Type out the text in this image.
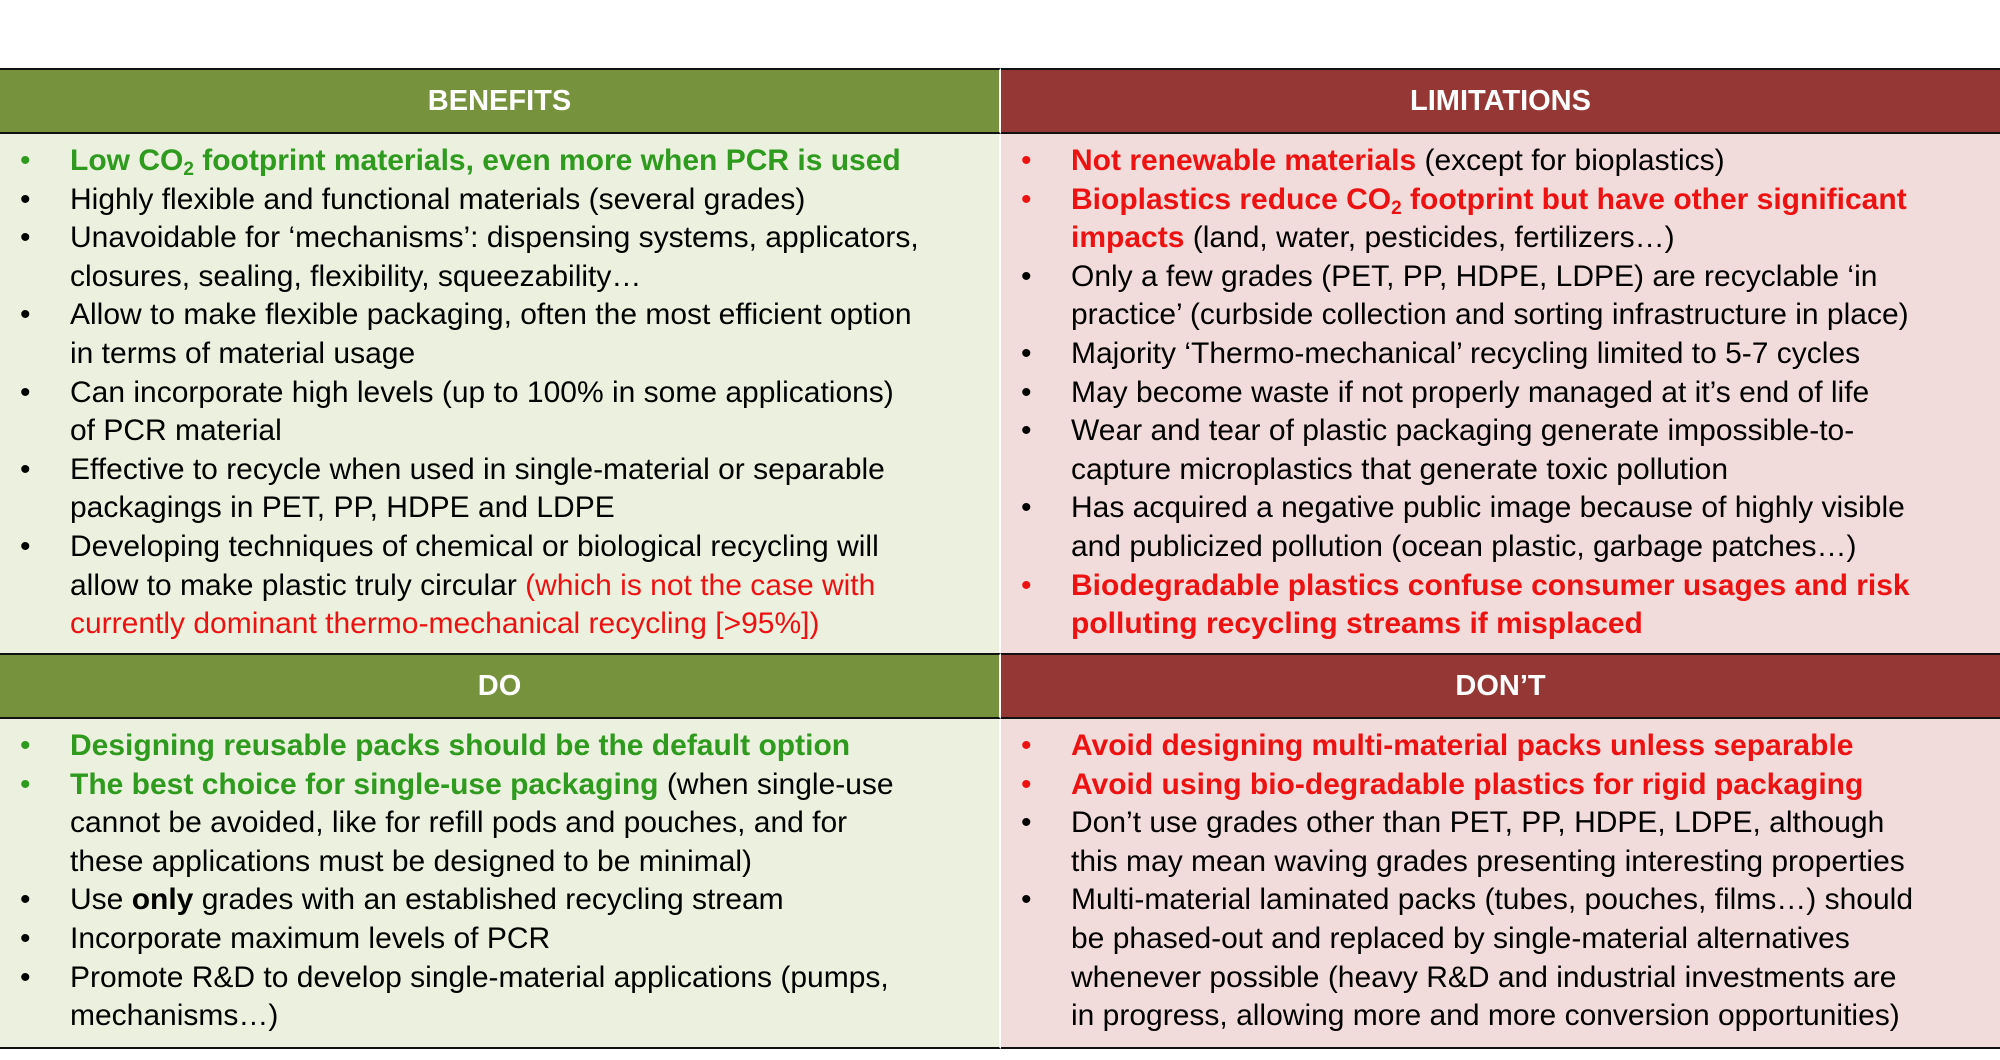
BENEFITS	LIMITATIONS
• Low $CO_2$ footprint materials, even more when PCR is used
• Highly flexible and functional materials (several grades)
• Unavoidable for ‘mechanisms’: dispensing systems, applicators,
closures, sealing, flexibility, squeezability…
• Allow to make flexible packaging, often the most efficient option
in terms of material usage
• Can incorporate high levels (up to 100% in some applications)
of PCR material
• Effective to recycle when used in single-material or separable
packagings in PET, PP, HDPE and LDPE
• Developing techniques of chemical or biological recycling will
allow to make plastic truly circular (which is not the case with
currently dominant thermo-mechanical recycling [>95%])
• Not renewable materials (except for bioplastics)
• Bioplastics reduce $CO_2$ footprint but have other significant
impacts (land, water, pesticides, fertilizers…)
• Only a few grades (PET, PP, HDPE, LDPE) are recyclable ‘in
practice’ (curbside collection and sorting infrastructure in place)
• Majority ‘Thermo-mechanical’ recycling limited to 5-7 cycles
• May become waste if not properly managed at it’s end of life
• Wear and tear of plastic packaging generate impossible-to-
capture microplastics that generate toxic pollution
• Has acquired a negative public image because of highly visible
and publicized pollution (ocean plastic, garbage patches…)
• Biodegradable plastics confuse consumer usages and risk
polluting recycling streams if misplaced
DO	DON’T
• Designing reusable packs should be the default option
• The best choice for single-use packaging (when single-use
cannot be avoided, like for refill pods and pouches, and for
these applications must be designed to be minimal)
• Use only grades with an established recycling stream
• Incorporate maximum levels of PCR
• Promote R&D to develop single-material applications (pumps,
mechanisms…)
• Avoid designing multi-material packs unless separable
• Avoid using bio-degradable plastics for rigid packaging
• Don’t use grades other than PET, PP, HDPE, LDPE, although
this may mean waving grades presenting interesting properties
• Multi-material laminated packs (tubes, pouches, films…) should
be phased-out and replaced by single-material alternatives
whenever possible (heavy R&D and industrial investments are
in progress, allowing more and more conversion opportunities)
